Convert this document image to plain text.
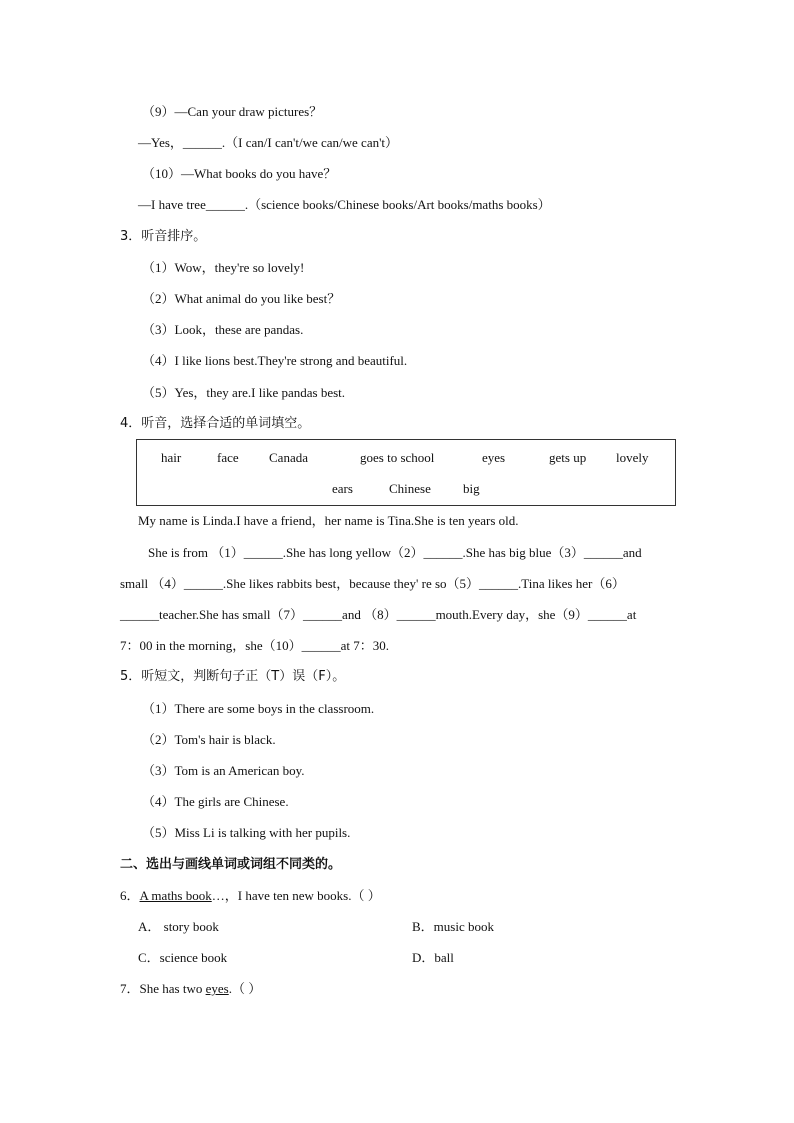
（9）—Can your draw pictures？
—Yes，______.（I can/I can't/we can/we can't）
（10）—What books do you have？
—I have tree______.（science books/Chinese books/Art books/maths books）
3．听音排序。
（1）Wow，they're so lovely!
（2）What animal do you like best？
（3）Look，these are pandas.
（4）I like lions best.They're strong and beautiful.
（5）Yes，they are.I like pandas best.
4．听音，选择合适的单词填空。
hair	face Canada	goes to school	eyes	gets up lovely
ears	Chinese big
My name is Linda.I have a friend，her name is Tina.She is ten years old.
She is from （1）______.She has long yellow（2）______.She has big blue（3）______and
small （4）______.She likes rabbits best，because they' re so（5）______.Tina likes her（6）
______teacher.She has small（7）______and （8）______mouth.Every day，she（9）______at
7：00 in the morning，she（10）______at 7：30.
5．听短文，判断句子正（T）误（F）。
（1）There are some boys in the classroom.
（2）Tom's hair is black.
（3）Tom is an American boy.
（4）The girls are Chinese.
（5）Miss Li is talking with her pupils.
二、选出与画线单词或词组不同类的。
6．A maths book…，I have ten new books.（ ）
A． story book	B．music book
C．science book	D．ball
7．She has two eyes.（ ）
